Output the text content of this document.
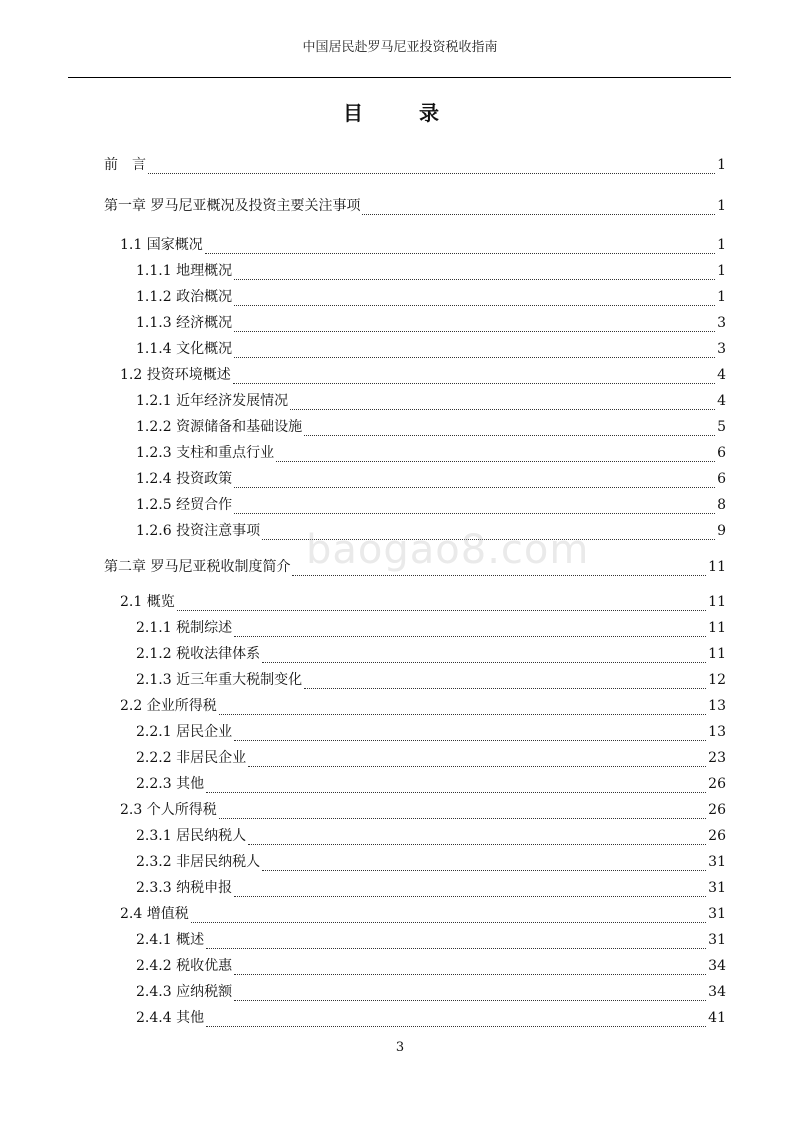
中国居民赴罗马尼亚投资税收指南
目　录
前　言	1
第一章 罗马尼亚概况及投资主要关注事项	1
1.1 国家概况	1
1.1.1 地理概况	1
1.1.2 政治概况	1
1.1.3 经济概况	3
1.1.4 文化概况	3
1.2 投资环境概述	4
1.2.1 近年经济发展情况	4
1.2.2 资源储备和基础设施	5
1.2.3 支柱和重点行业	6
1.2.4 投资政策	6
1.2.5 经贸合作	8
1.2.6 投资注意事项	9
第二章 罗马尼亚税收制度简介	11
2.1 概览	11
2.1.1 税制综述	11
2.1.2 税收法律体系	11
2.1.3 近三年重大税制变化	12
2.2 企业所得税	13
2.2.1 居民企业	13
2.2.2 非居民企业	23
2.2.3 其他	26
2.3 个人所得税	26
2.3.1 居民纳税人	26
2.3.2 非居民纳税人	31
2.3.3 纳税申报	31
2.4 增值税	31
2.4.1 概述	31
2.4.2 税收优惠	34
2.4.3 应纳税额	34
2.4.4 其他	41
baogao8.com
3
